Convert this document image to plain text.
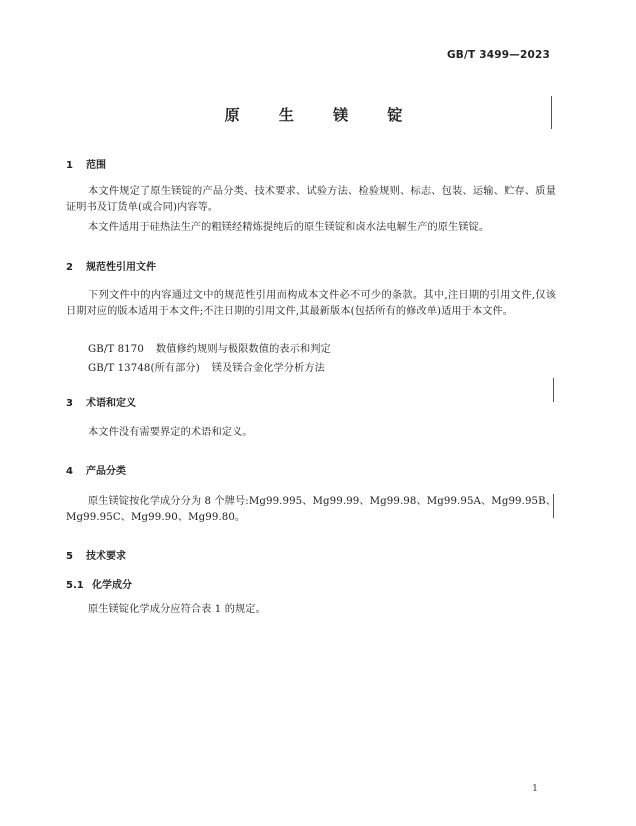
GB/T 3499—2023
原 生 镁 锭
1 范围
本文件规定了原生镁锭的产品分类、技术要求、试验方法、检验规则、标志、包装、运输、贮存、质量证明书及订货单(或合同)内容等。
本文件适用于硅热法生产的粗镁经精炼提纯后的原生镁锭和卤水法电解生产的原生镁锭。
2 规范性引用文件
下列文件中的内容通过文中的规范性引用而构成本文件必不可少的条款。其中,注日期的引用文件,仅该日期对应的版本适用于本文件;不注日期的引用文件,其最新版本(包括所有的修改单)适用于本文件。
GB/T 8170 数值修约规则与极限数值的表示和判定
GB/T 13748(所有部分) 镁及镁合金化学分析方法
3 术语和定义
本文件没有需要界定的术语和定义。
4 产品分类
原生镁锭按化学成分分为 8 个牌号:Mg99.995、Mg99.99、Mg99.98、Mg99.95A、Mg99.95B、Mg99.95C、Mg99.90、Mg99.80。
5 技术要求
5.1 化学成分
原生镁锭化学成分应符合表 1 的规定。
1
